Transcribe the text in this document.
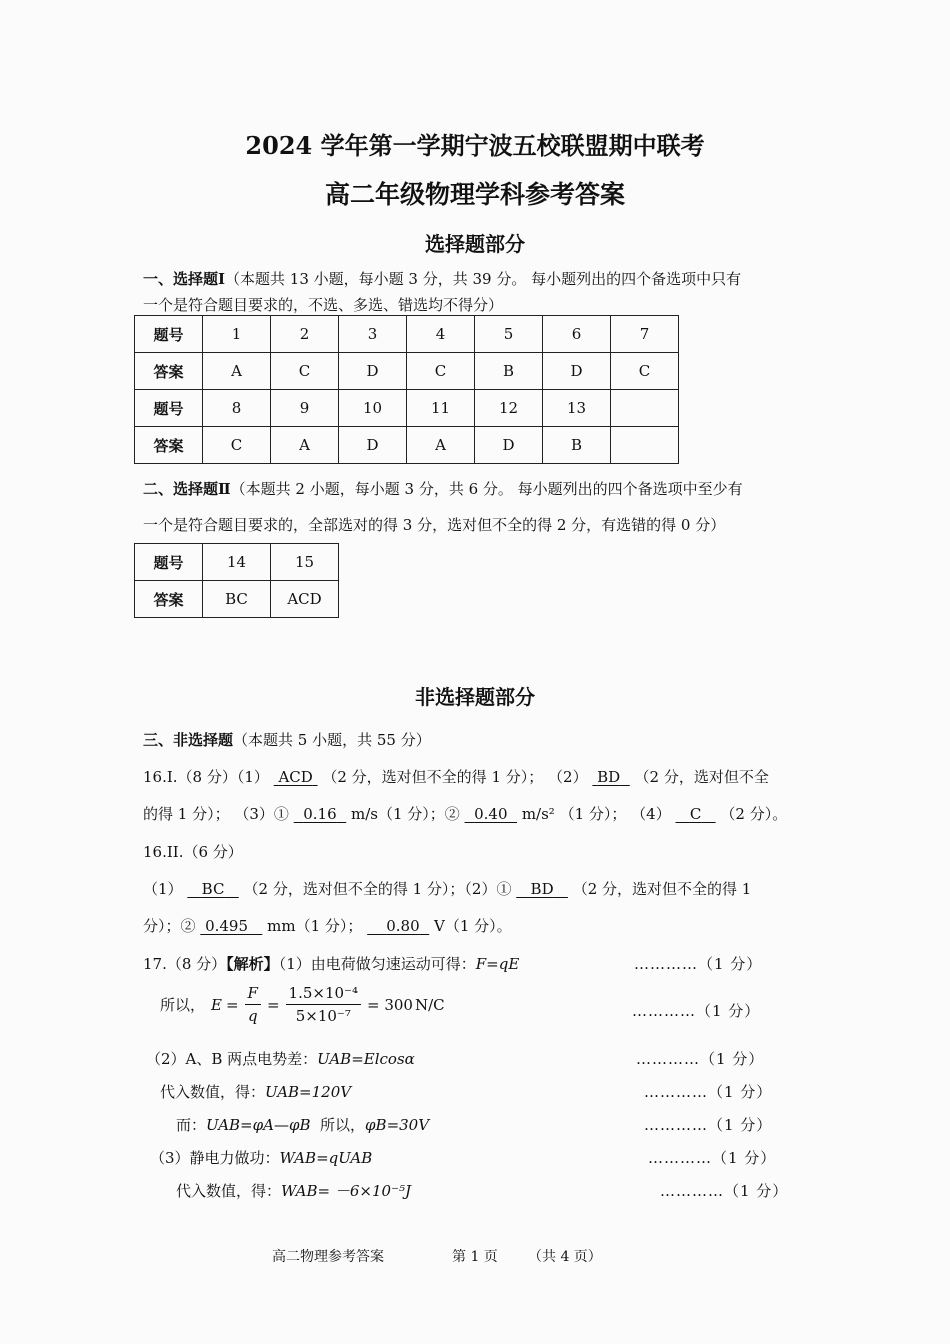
2024 学年第一学期宁波五校联盟期中联考
高二年级物理学科参考答案
选择题部分
一、选择题Ⅰ（本题共 13 小题，每小题 3 分，共 39 分。 每小题列出的四个备选项中只有
一个是符合题目要求的，不选、多选、错选均不得分）
题号	1	2	3	4	5	6	7
答案	A	C	D	C	B	D	C
题号	8	9	10	11	12	13	
答案	C	A	D	A	D	B	
二、选择题Ⅱ（本题共 2 小题，每小题 3 分，共 6 分。 每小题列出的四个备选项中至少有
一个是符合题目要求的，全部选对的得 3 分，选对但不全的得 2 分，有选错的得 0 分）
题号	14	15
答案	BC	ACD
非选择题部分
三、非选择题（本题共 5 小题，共 55 分）
16.I.（8 分）（1） ACD （2 分，选对但不全的得 1 分）； （2） BD （2 分，选对但不全
的得 1 分）； （3）① 0.16 m/s（1 分）；② 0.40 m/s² （1 分）； （4） C （2 分）。
16.II.（6 分）
（1） BC （2 分，选对但不全的得 1 分）；（2）① BD （2 分，选对但不全的得 1
分）；② 0.495 mm（1 分）； 0.80 V（1 分）。
17.（8 分）【解析】（1）由电荷做匀速运动可得：F=qE	…………（1 分）
所以， $E = \frac{F}{q} = \frac{\text{1.5×10⁻⁴}}{\text{5×10⁻⁷}} = 300$ N/C	…………（1 分）
（2）A、B 两点电势差：UAB=Elcosα	…………（1 分）
代入数值，得：UAB=120V	…………（1 分）
而：UAB=φA—φB 所以，φB=30V	…………（1 分）
（3）静电力做功：WAB=qUAB	…………（1 分）
代入数值，得：WAB= －6×10⁻⁵J	…………（1 分）
高二物理参考答案	第 1 页 （共 4 页）
